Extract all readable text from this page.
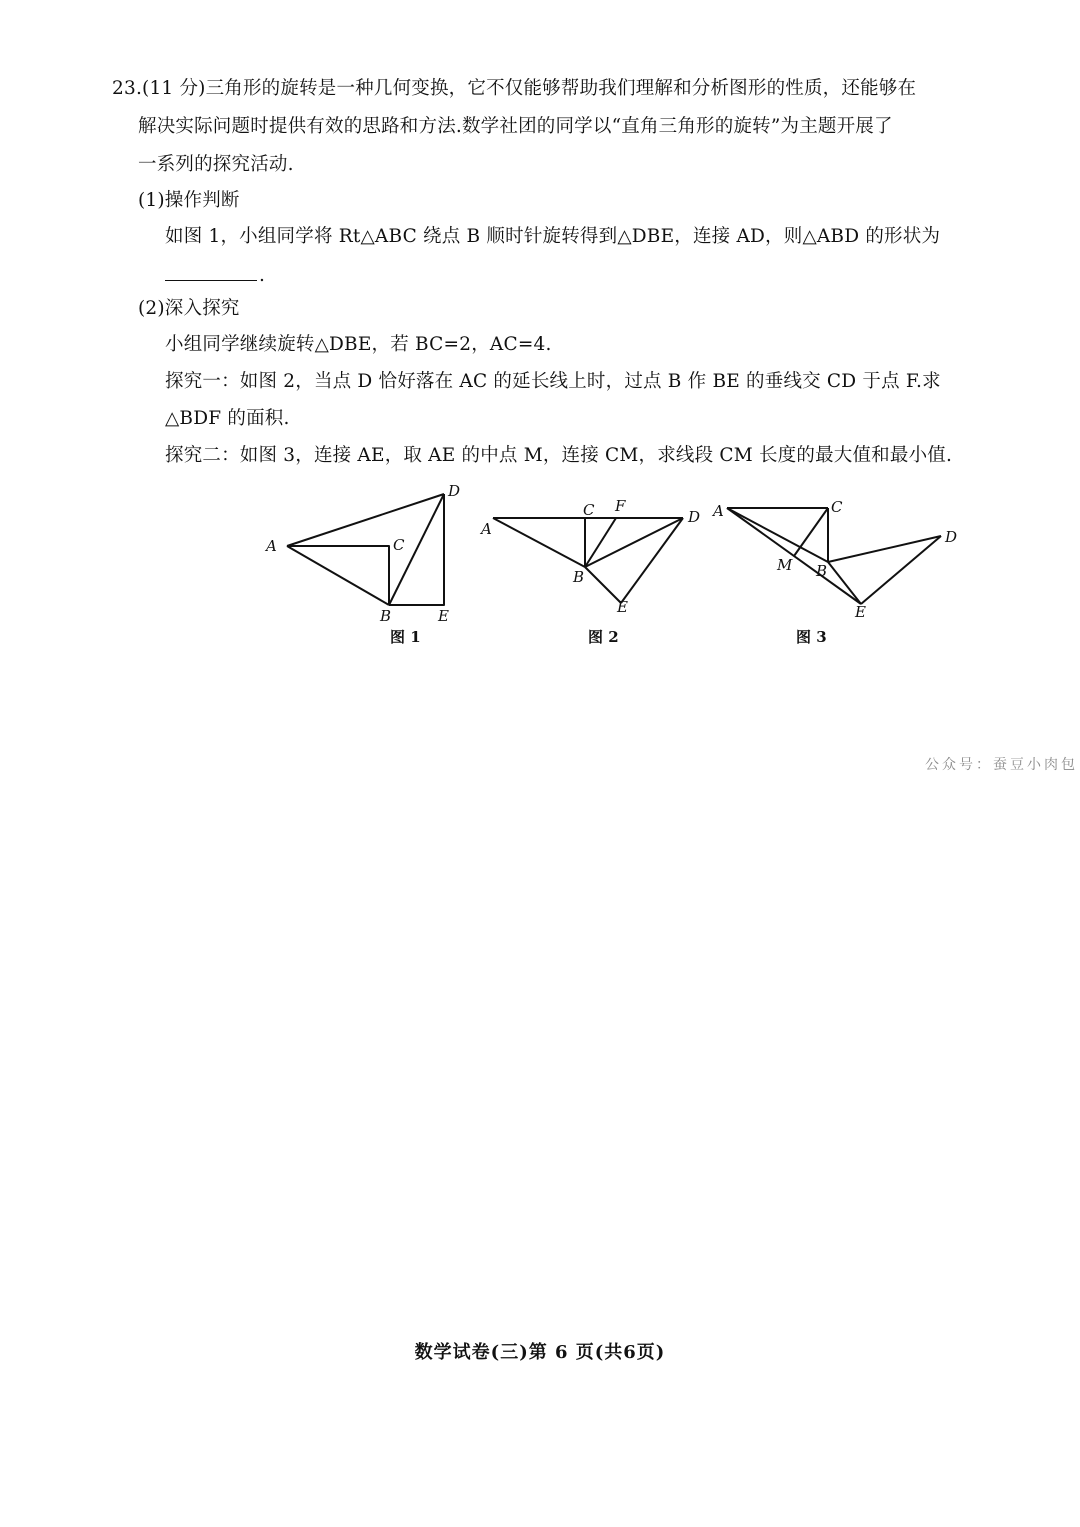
23.(11 分)三角形的旋转是一种几何变换，它不仅能够帮助我们理解和分析图形的性质，还能够在
解决实际问题时提供有效的思路和方法.数学社团的同学以“直角三角形的旋转”为主题开展了
一系列的探究活动.
(1)操作判断
如图 1，小组同学将 Rt△ABC 绕点 B 顺时针旋转得到△DBE，连接 AD，则△ABD 的形状为
.
(2)深入探究
小组同学继续旋转△DBE，若 BC=2，AC=4.
探究一：如图 2，当点 D 恰好落在 AC 的延长线上时，过点 B 作 BE 的垂线交 CD 于点 F.求
△BDF 的面积.
探究二：如图 3，连接 AE，取 AE 的中点 M，连接 CM，求线段 CM 长度的最大值和最小值.
A	C
B	E
D
图 1
A
C F
D
B
E
图 2
A	C
D
M B
E
图 3
公众号：蚕豆小肉包
数学试卷(三)第 6 页(共6页)
